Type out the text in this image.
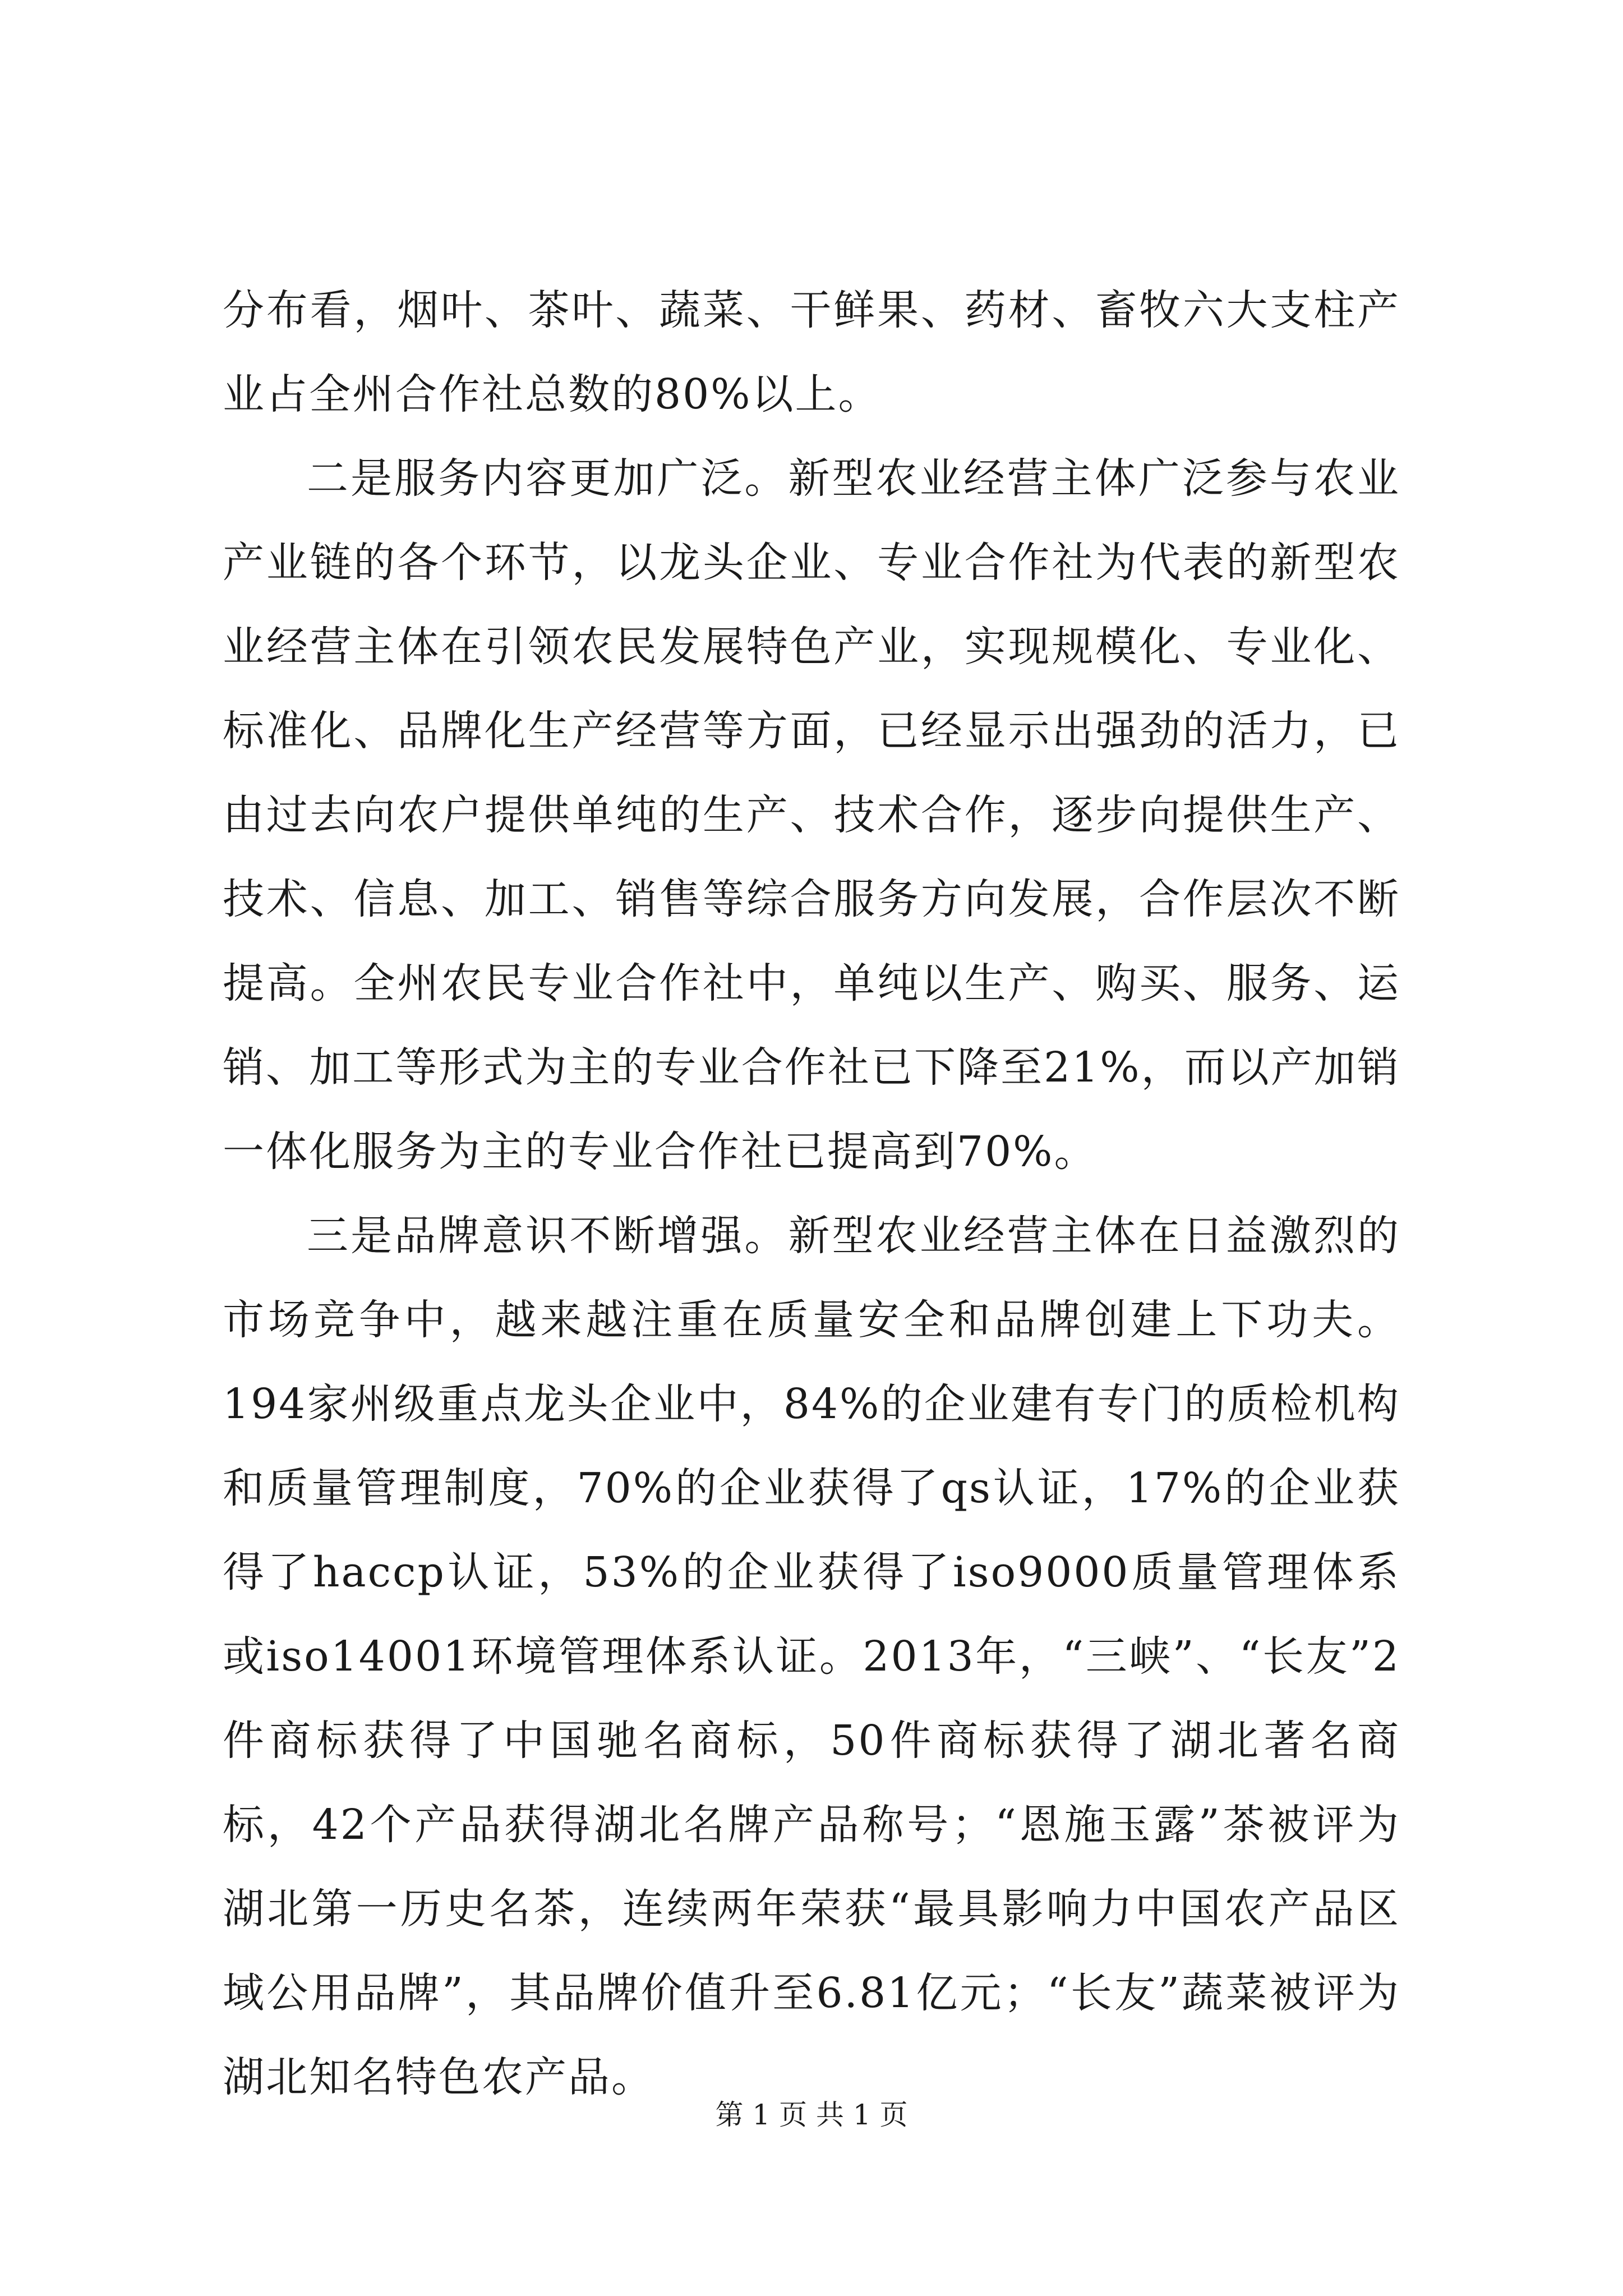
分布看，烟叶、茶叶、蔬菜、干鲜果、药材、畜牧六大支柱产业占全州合作社总数的80%以上。

二是服务内容更加广泛。新型农业经营主体广泛参与农业产业链的各个环节，以龙头企业、专业合作社为代表的新型农业经营主体在引领农民发展特色产业，实现规模化、专业化、标准化、品牌化生产经营等方面，已经显示出强劲的活力，已由过去向农户提供单纯的生产、技术合作，逐步向提供生产、技术、信息、加工、销售等综合服务方向发展，合作层次不断提高。全州农民专业合作社中，单纯以生产、购买、服务、运销、加工等形式为主的专业合作社已下降至21%，而以产加销一体化服务为主的专业合作社已提高到70%。

三是品牌意识不断增强。新型农业经营主体在日益激烈的市场竞争中，越来越注重在质量安全和品牌创建上下功夫。194家州级重点龙头企业中，84%的企业建有专门的质检机构和质量管理制度，70%的企业获得了qs认证，17%的企业获得了haccp认证，53%的企业获得了iso9000质量管理体系或iso14001环境管理体系认证。2013年，“三峡”、“长友”2件商标获得了中国驰名商标，50件商标获得了湖北著名商标，42个产品获得湖北名牌产品称号；“恩施玉露”茶被评为湖北第一历史名茶，连续两年荣获“最具影响力中国农产品区域公用品牌”，其品牌价值升至6.81亿元；“长友”蔬菜被评为湖北知名特色农产品。

第 1 页 共 1 页
